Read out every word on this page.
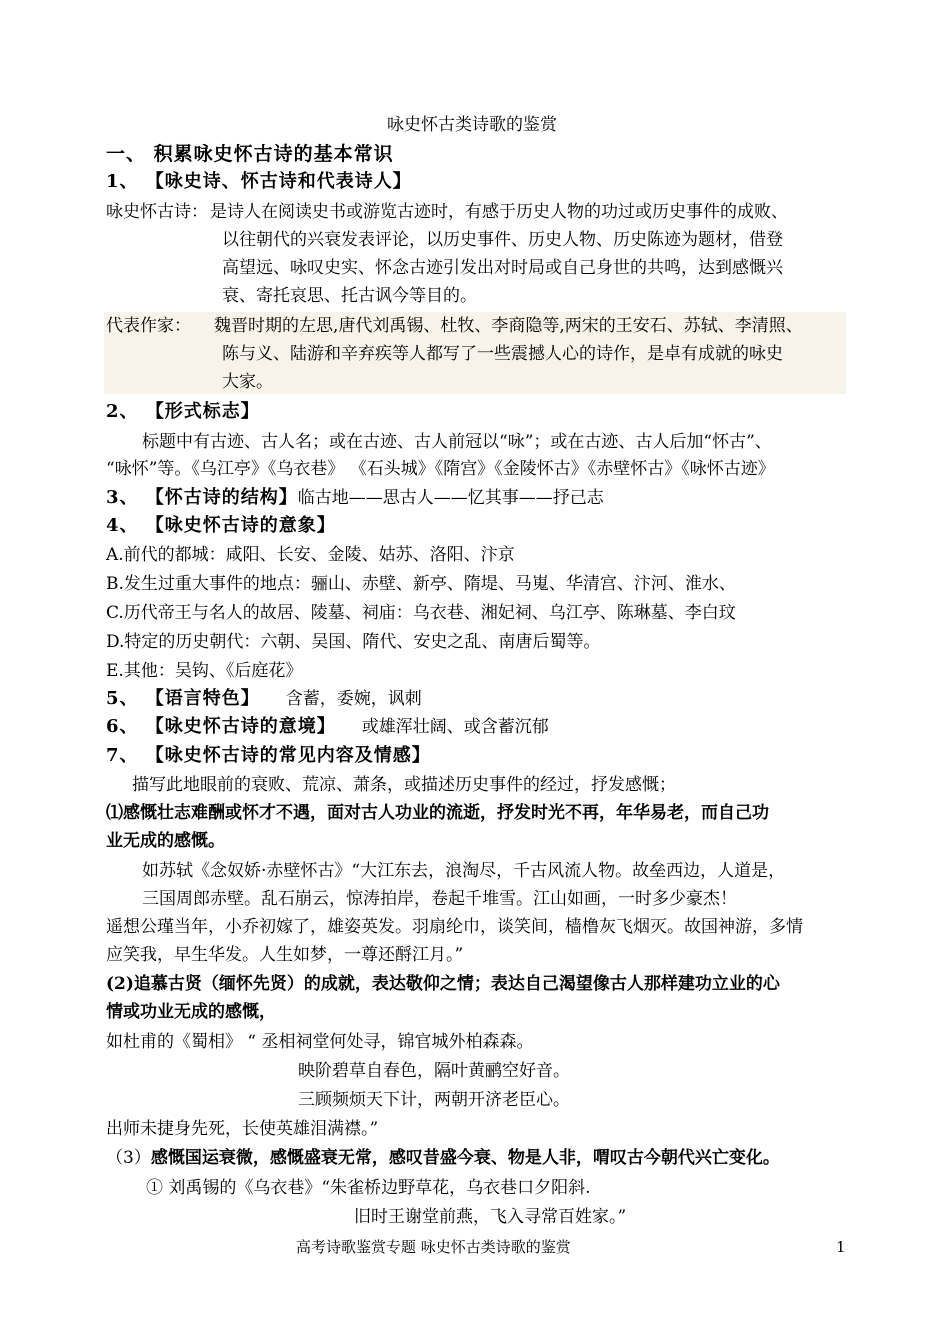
咏史怀古类诗歌的鉴赏
一、 积累咏史怀古诗的基本常识
1、 【咏史诗、怀古诗和代表诗人】
咏史怀古诗： 是诗人在阅读史书或游览古迹时，有感于历史人物的功过或历史事件的成败、
以往朝代的兴衰发表评论，以历史事件、历史人物、历史陈迹为题材，借登
高望远、咏叹史实、怀念古迹引发出对时局或自己身世的共鸣，达到感慨兴
衰、寄托哀思、托古讽今等目的。
代表作家： 魏晋时期的左思,唐代刘禹锡、杜牧、李商隐等,两宋的王安石、苏轼、李清照、
陈与义、陆游和辛弃疾等人都写了一些震撼人心的诗作，是卓有成就的咏史
大家。
2、 【形式标志】
标题中有古迹、古人名；或在古迹、古人前冠以“咏”；或在古迹、古人后加“怀古”、
“咏怀”等。《乌江亭》《乌衣巷》 《石头城》《隋宫》《金陵怀古》《赤壁怀古》《咏怀古迹》
3、 【怀古诗的结构】临古地——思古人——忆其事——抒己志
4、 【咏史怀古诗的意象】
A.前代的都城：咸阳、长安、金陵、姑苏、洛阳、汴京
B.发生过重大事件的地点：骊山、赤壁、新亭、隋堤、马嵬、华清宫、汴河、淮水、
C.历代帝王与名人的故居、陵墓、祠庙：乌衣巷、湘妃祠、乌江亭、陈琳墓、李白玟
D.特定的历史朝代：六朝、吴国、隋代、安史之乱、南唐后蜀等。
E.其他：吴钩、《后庭花》
5、 【语言特色】 含蓄，委婉，讽刺
6、 【咏史怀古诗的意境】 或雄浑壮阔、或含蓄沉郁
7、 【咏史怀古诗的常见内容及情感】
描写此地眼前的衰败、荒凉、萧条，或描述历史事件的经过，抒发感慨；
⑴感慨壮志难酬或怀才不遇，面对古人功业的流逝，抒发时光不再，年华易老，而自己功
业无成的感慨。
如苏轼《念奴娇·赤壁怀古》“大江东去，浪淘尽，千古风流人物。故垒西边，人道是，
三国周郎赤壁。乱石崩云，惊涛拍岸，卷起千堆雪。江山如画，一时多少豪杰！
遥想公瑾当年，小乔初嫁了，雄姿英发。羽扇纶巾，谈笑间，樯橹灰飞烟灭。故国神游，多情
应笑我，早生华发。人生如梦，一尊还酹江月。”
(2)追慕古贤（缅怀先贤）的成就，表达敬仰之情；表达自己渴望像古人那样建功立业的心
情或功业无成的感慨，
如杜甫的《蜀相》 “ 丞相祠堂何处寻，锦官城外柏森森。
映阶碧草自春色，隔叶黄鹂空好音。
三顾频烦天下计，两朝开济老臣心。
出师未捷身先死，长使英雄泪满襟。”
（3）感慨国运衰微，感慨盛衰无常，感叹昔盛今衰、物是人非，喟叹古今朝代兴亡变化。
① 刘禹锡的《乌衣巷》“朱雀桥边野草花，乌衣巷口夕阳斜.
旧时王谢堂前燕，飞入寻常百姓家。”
高考诗歌鉴赏专题 咏史怀古类诗歌的鉴赏	1
